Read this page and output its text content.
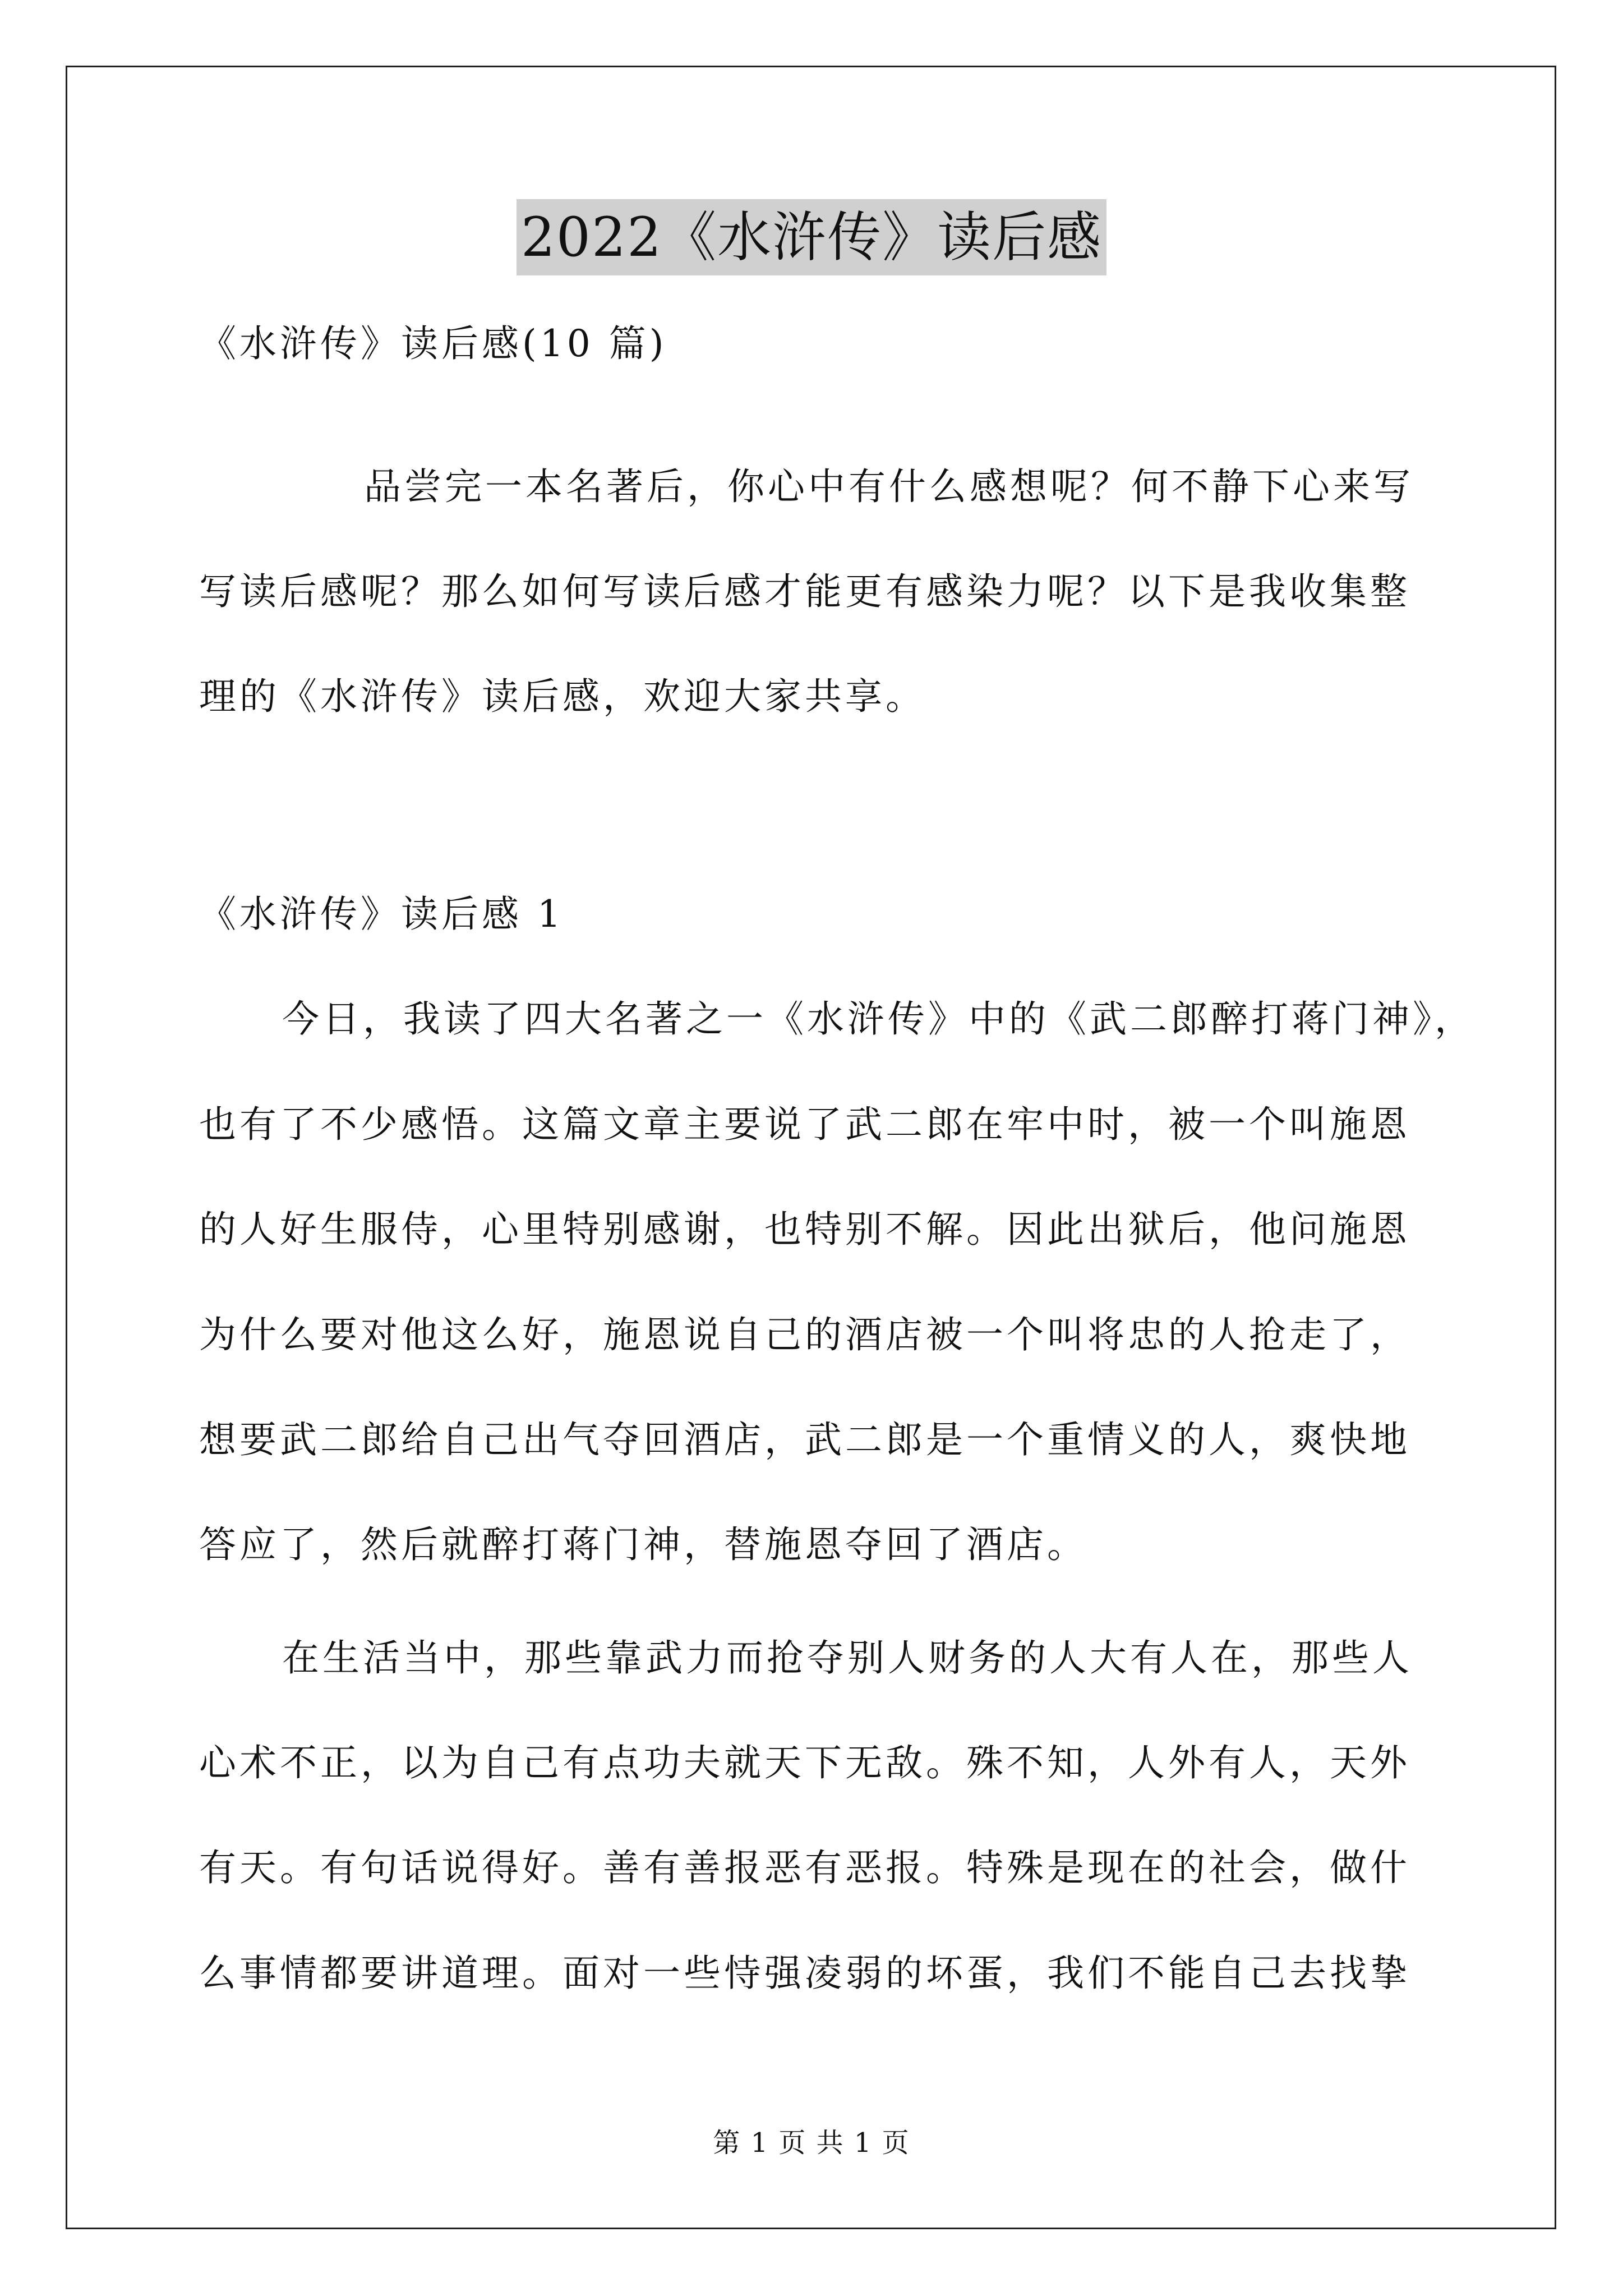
2022《水浒传》读后感
《水浒传》读后感(10 篇)
品尝完一本名著后，你心中有什么感想呢？何不静下心来写
写读后感呢？那么如何写读后感才能更有感染力呢？以下是我收集整
理的《水浒传》读后感，欢迎大家共享。
《水浒传》读后感 1
今日，我读了四大名著之一《水浒传》中的《武二郎醉打蒋门神》，
也有了不少感悟。这篇文章主要说了武二郎在牢中时，被一个叫施恩
的人好生服侍，心里特别感谢，也特别不解。因此出狱后，他问施恩
为什么要对他这么好，施恩说自己的酒店被一个叫将忠的人抢走了，
想要武二郎给自己出气夺回酒店，武二郎是一个重情义的人，爽快地
答应了，然后就醉打蒋门神，替施恩夺回了酒店。
在生活当中，那些靠武力而抢夺别人财务的人大有人在，那些人
心术不正，以为自己有点功夫就天下无敌。殊不知，人外有人，天外
有天。有句话说得好。善有善报恶有恶报。特殊是现在的社会，做什
么事情都要讲道理。面对一些恃强凌弱的坏蛋，我们不能自己去找挚
第 1 页 共 1 页
